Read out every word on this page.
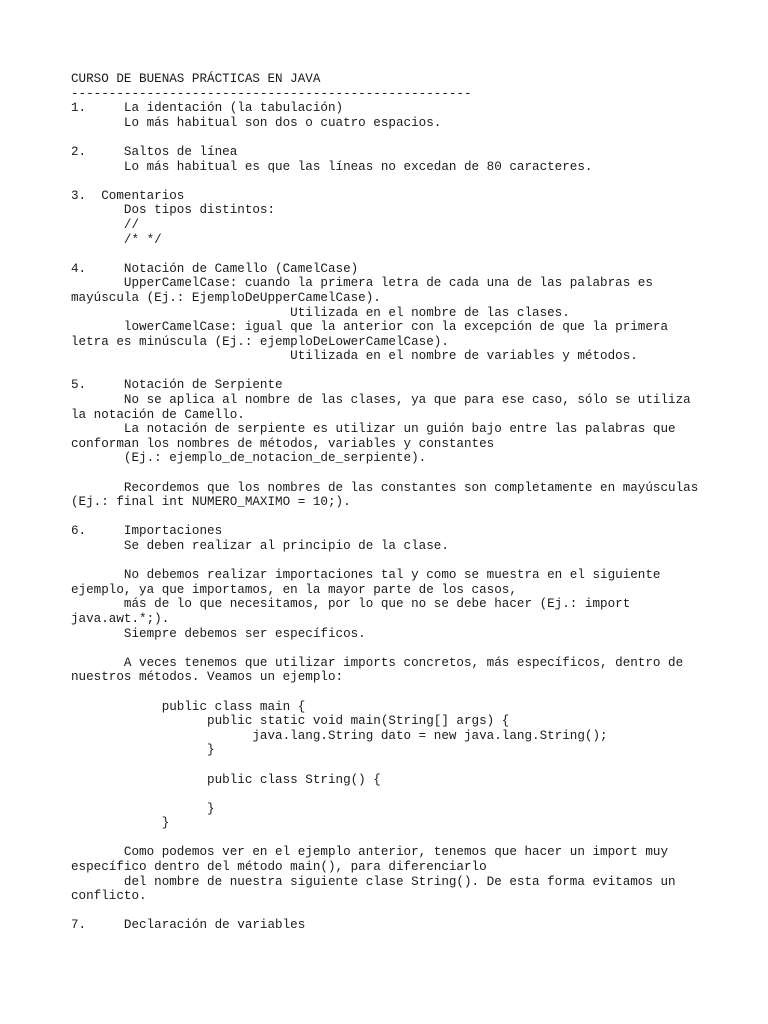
CURSO DE BUENAS PRÁCTICAS EN JAVA
-----------------------------------------------------
1.     La identación (la tabulación)
Lo más habitual son dos o cuatro espacios.
2.     Saltos de línea
Lo más habitual es que las líneas no excedan de 80 caracteres.
3.  Comentarios
Dos tipos distintos:
//
/* */
4.     Notación de Camello (CamelCase)
UpperCamelCase: cuando la primera letra de cada una de las palabras es
mayúscula (Ej.: EjemploDeUpperCamelCase).
Utilizada en el nombre de las clases.
lowerCamelCase: igual que la anterior con la excepción de que la primera
letra es minúscula (Ej.: ejemploDeLowerCamelCase).
Utilizada en el nombre de variables y métodos.
5.     Notación de Serpiente
No se aplica al nombre de las clases, ya que para ese caso, sólo se utiliza
la notación de Camello.
La notación de serpiente es utilizar un guión bajo entre las palabras que
conforman los nombres de métodos, variables y constantes
(Ej.: ejemplo_de_notacion_de_serpiente).
Recordemos que los nombres de las constantes son completamente en mayúsculas
(Ej.: final int NUMERO_MAXIMO = 10;).
6.     Importaciones
Se deben realizar al principio de la clase.
No debemos realizar importaciones tal y como se muestra en el siguiente
ejemplo, ya que importamos, en la mayor parte de los casos,
más de lo que necesitamos, por lo que no se debe hacer (Ej.: import
java.awt.*;).
Siempre debemos ser específicos.
A veces tenemos que utilizar imports concretos, más específicos, dentro de
nuestros métodos. Veamos un ejemplo:
public class main {
public static void main(String[] args) {
java.lang.String dato = new java.lang.String();
}
public class String() {
}
}
Como podemos ver en el ejemplo anterior, tenemos que hacer un import muy
específico dentro del método main(), para diferenciarlo
del nombre de nuestra siguiente clase String(). De esta forma evitamos un
conflicto.
7.     Declaración de variables
